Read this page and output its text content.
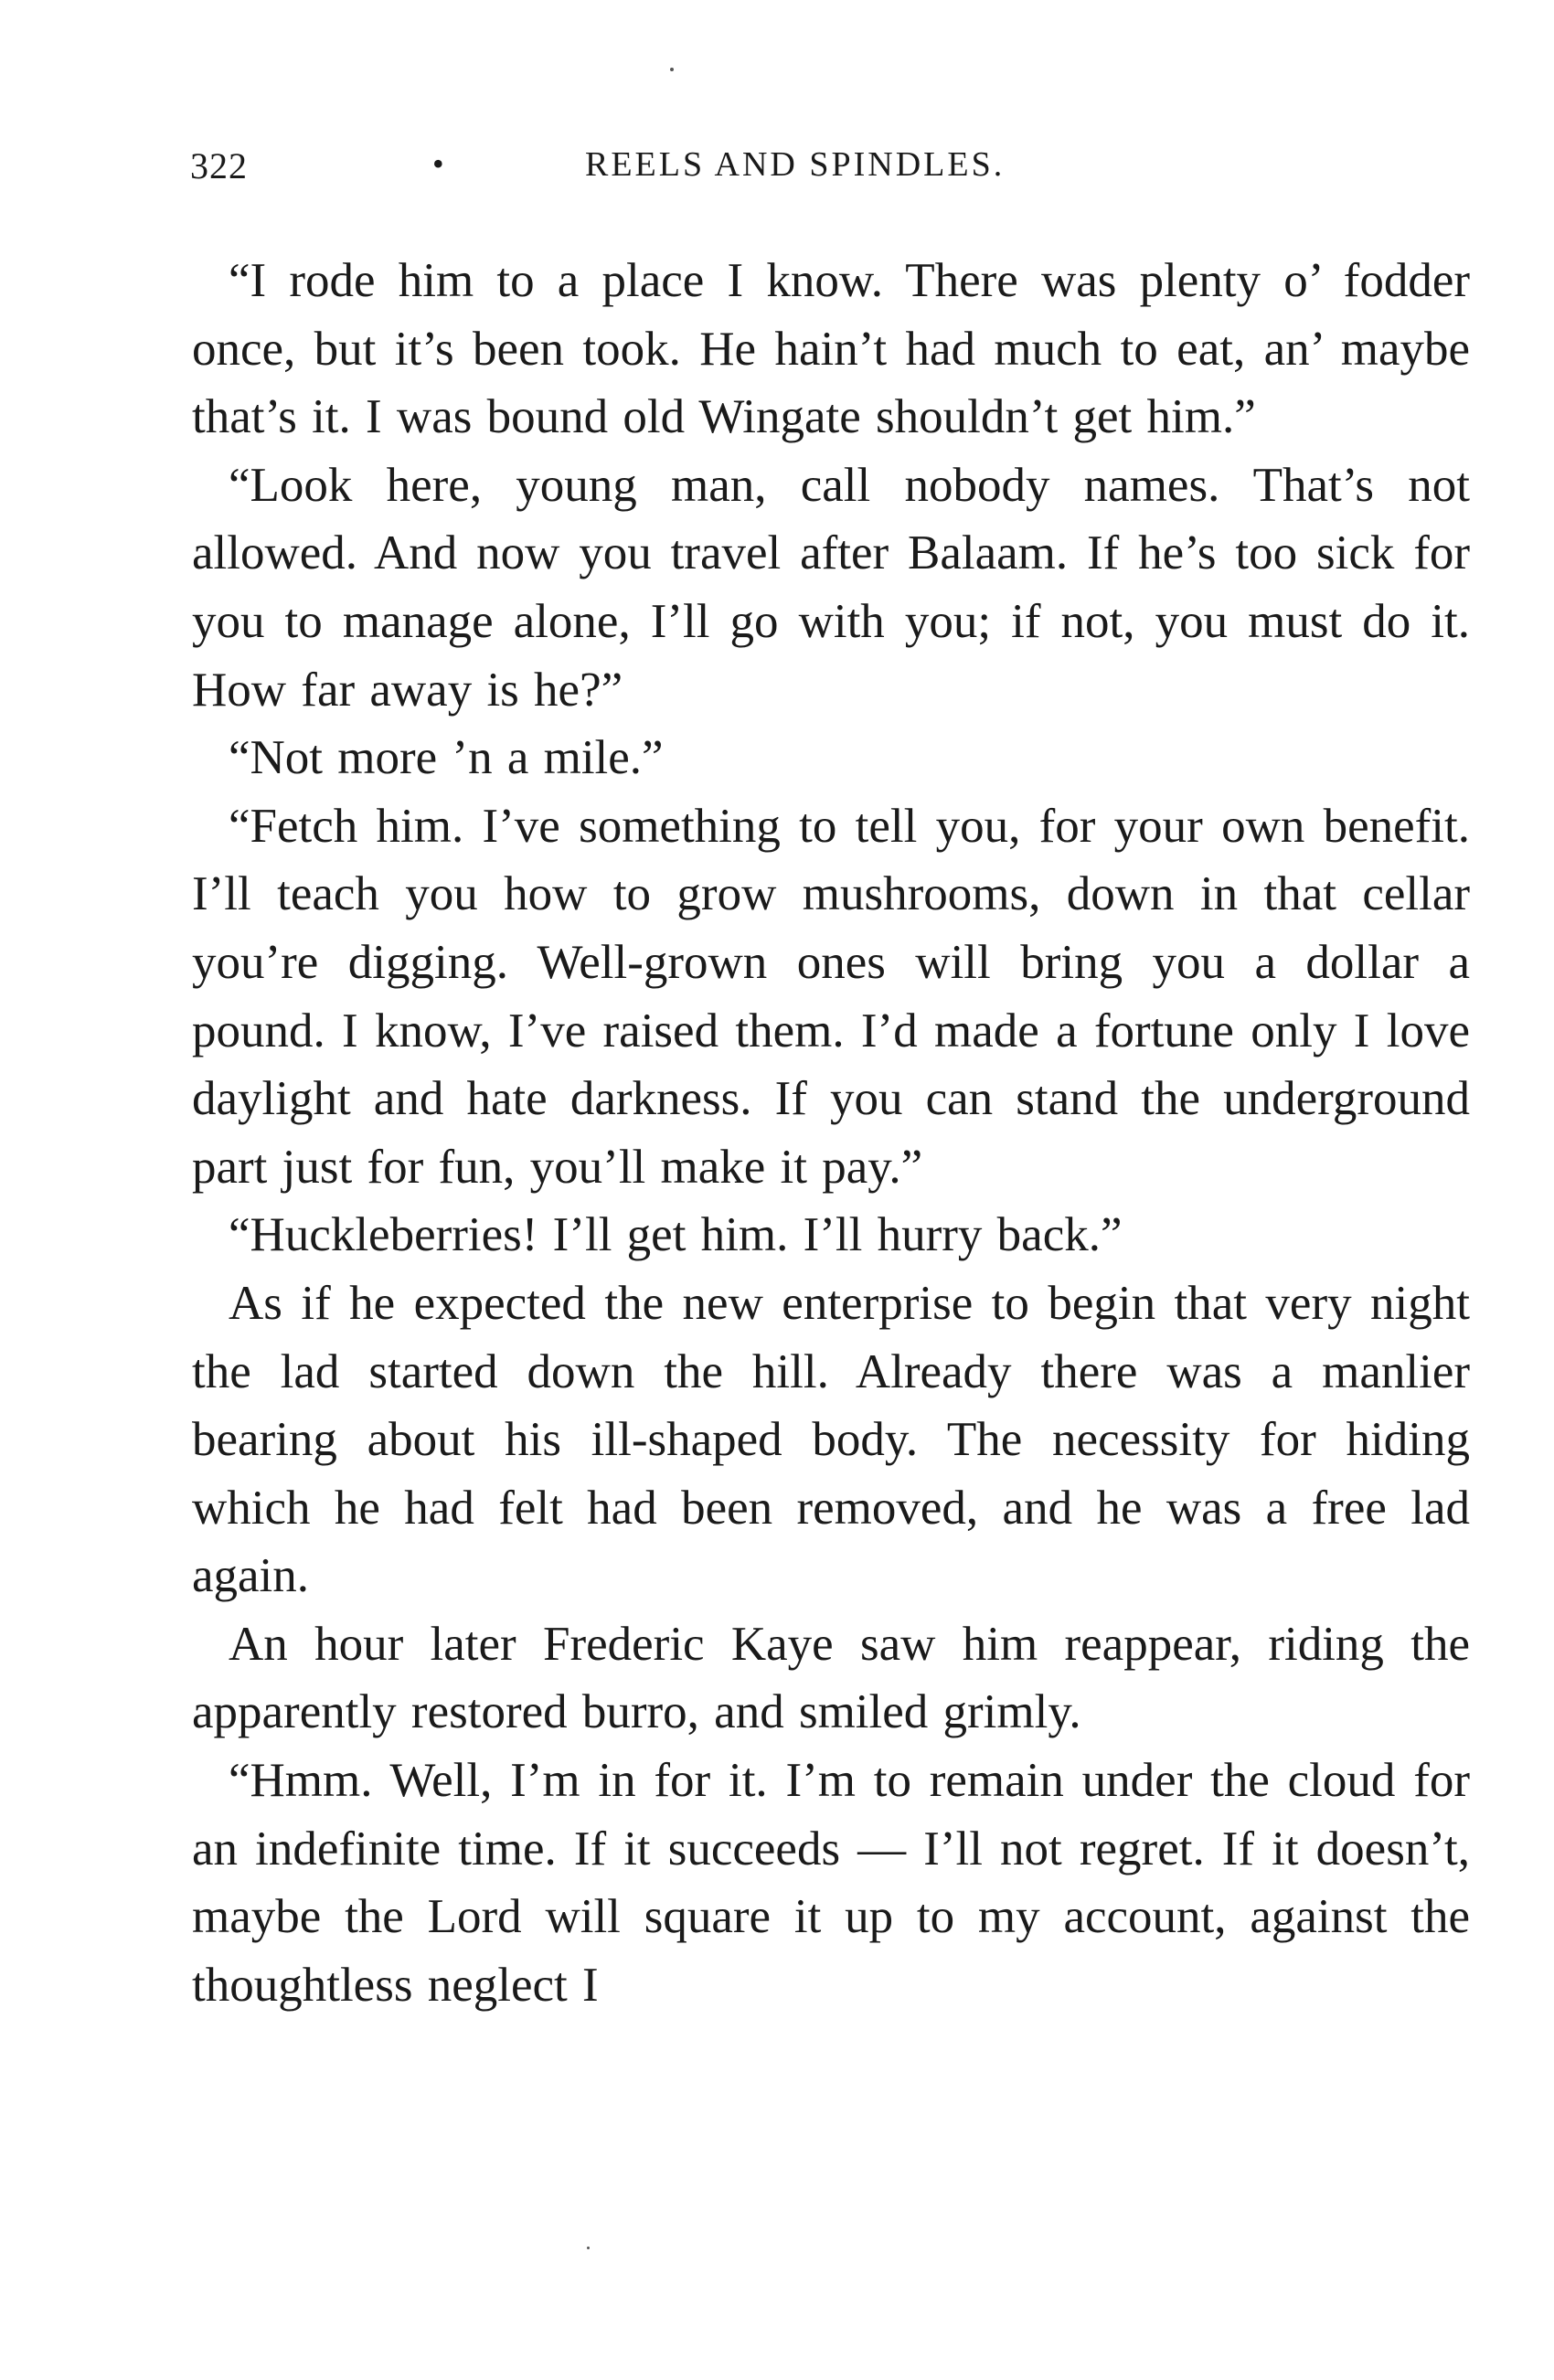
322	•	REELS AND SPINDLES.

“I rode him to a place I know. There was plenty o’ fodder once, but it’s been took. He hain’t had much to eat, an’ maybe that’s it. I was bound old Wingate shouldn’t get him.”

“Look here, young man, call nobody names. That’s not allowed. And now you travel after Balaam. If he’s too sick for you to manage alone, I’ll go with you; if not, you must do it. How far away is he?”

“Not more ’n a mile.”

“Fetch him. I’ve something to tell you, for your own benefit. I’ll teach you how to grow mushrooms, down in that cellar you’re digging. Well-grown ones will bring you a dollar a pound. I know, I’ve raised them. I’d made a fortune only I love daylight and hate darkness. If you can stand the underground part just for fun, you’ll make it pay.”

“Huckleberries! I’ll get him. I’ll hurry back.”

As if he expected the new enterprise to begin that very night the lad started down the hill. Already there was a manlier bearing about his ill-shaped body. The necessity for hiding which he had felt had been removed, and he was a free lad again.

An hour later Frederic Kaye saw him reappear, riding the apparently restored burro, and smiled grimly.

“Hmm. Well, I’m in for it. I’m to remain under the cloud for an indefinite time. If it succeeds — I’ll not regret. If it doesn’t, maybe the Lord will square it up to my account, against the thoughtless neglect I
